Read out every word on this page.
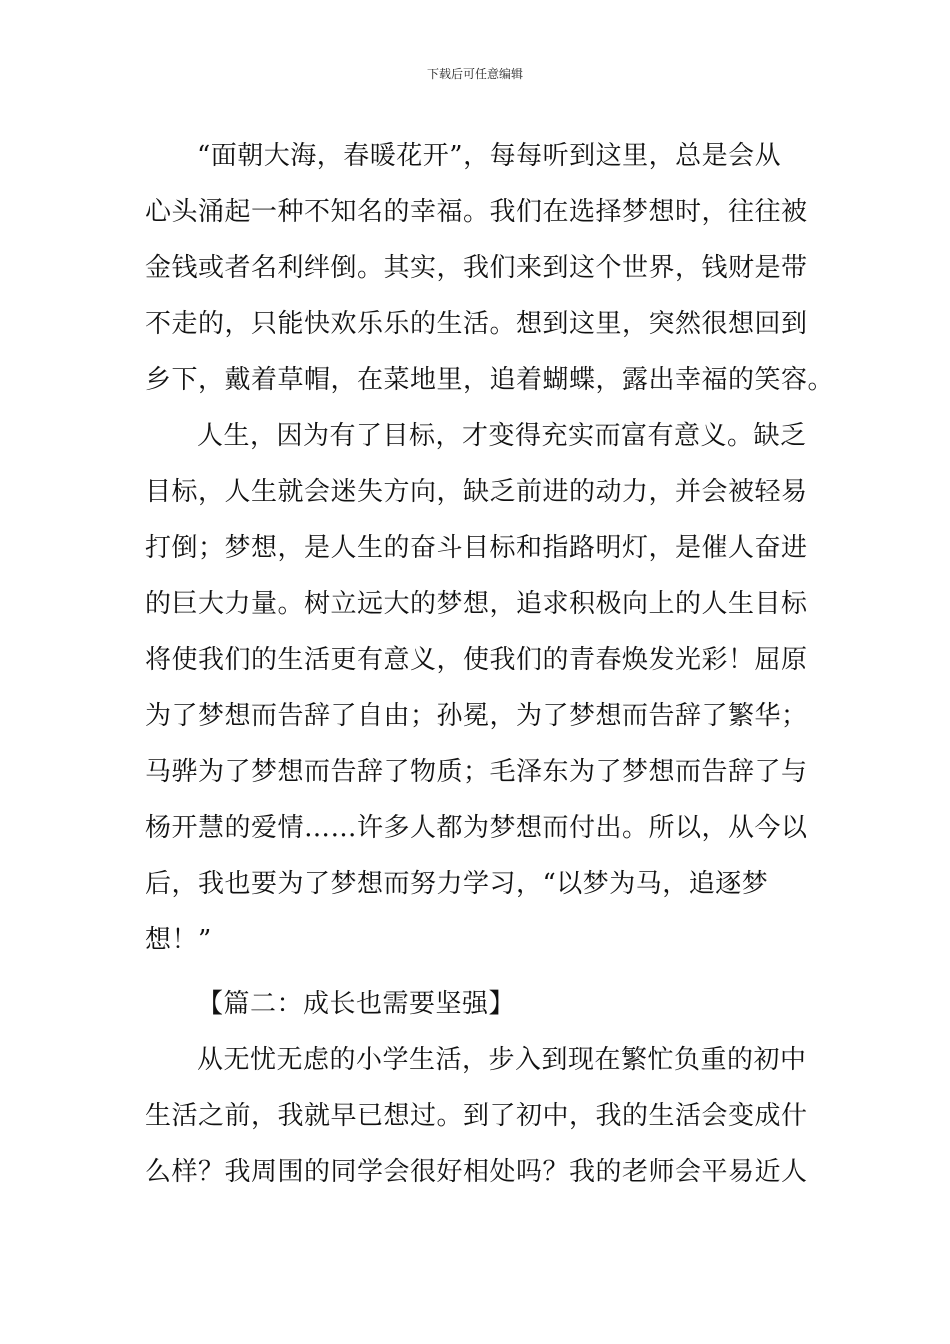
下载后可任意编辑
“面朝大海，春暖花开”，每每听到这里，总是会从
心头涌起一种不知名的幸福。我们在选择梦想时，往往被
金钱或者名利绊倒。其实，我们来到这个世界，钱财是带
不走的，只能快欢乐乐的生活。想到这里，突然很想回到
乡下，戴着草帽，在菜地里，追着蝴蝶，露出幸福的笑容。
人生，因为有了目标，才变得充实而富有意义。缺乏
目标，人生就会迷失方向，缺乏前进的动力，并会被轻易
打倒；梦想，是人生的奋斗目标和指路明灯，是催人奋进
的巨大力量。树立远大的梦想，追求积极向上的人生目标
将使我们的生活更有意义，使我们的青春焕发光彩！屈原
为了梦想而告辞了自由；孙冕，为了梦想而告辞了繁华；
马骅为了梦想而告辞了物质；毛泽东为了梦想而告辞了与
杨开慧的爱情……许多人都为梦想而付出。所以，从今以
后，我也要为了梦想而努力学习，“以梦为马，追逐梦
想！”
【篇二：成长也需要坚强】
从无忧无虑的小学生活，步入到现在繁忙负重的初中
生活之前，我就早已想过。到了初中，我的生活会变成什
么样？我周围的同学会很好相处吗？我的老师会平易近人
